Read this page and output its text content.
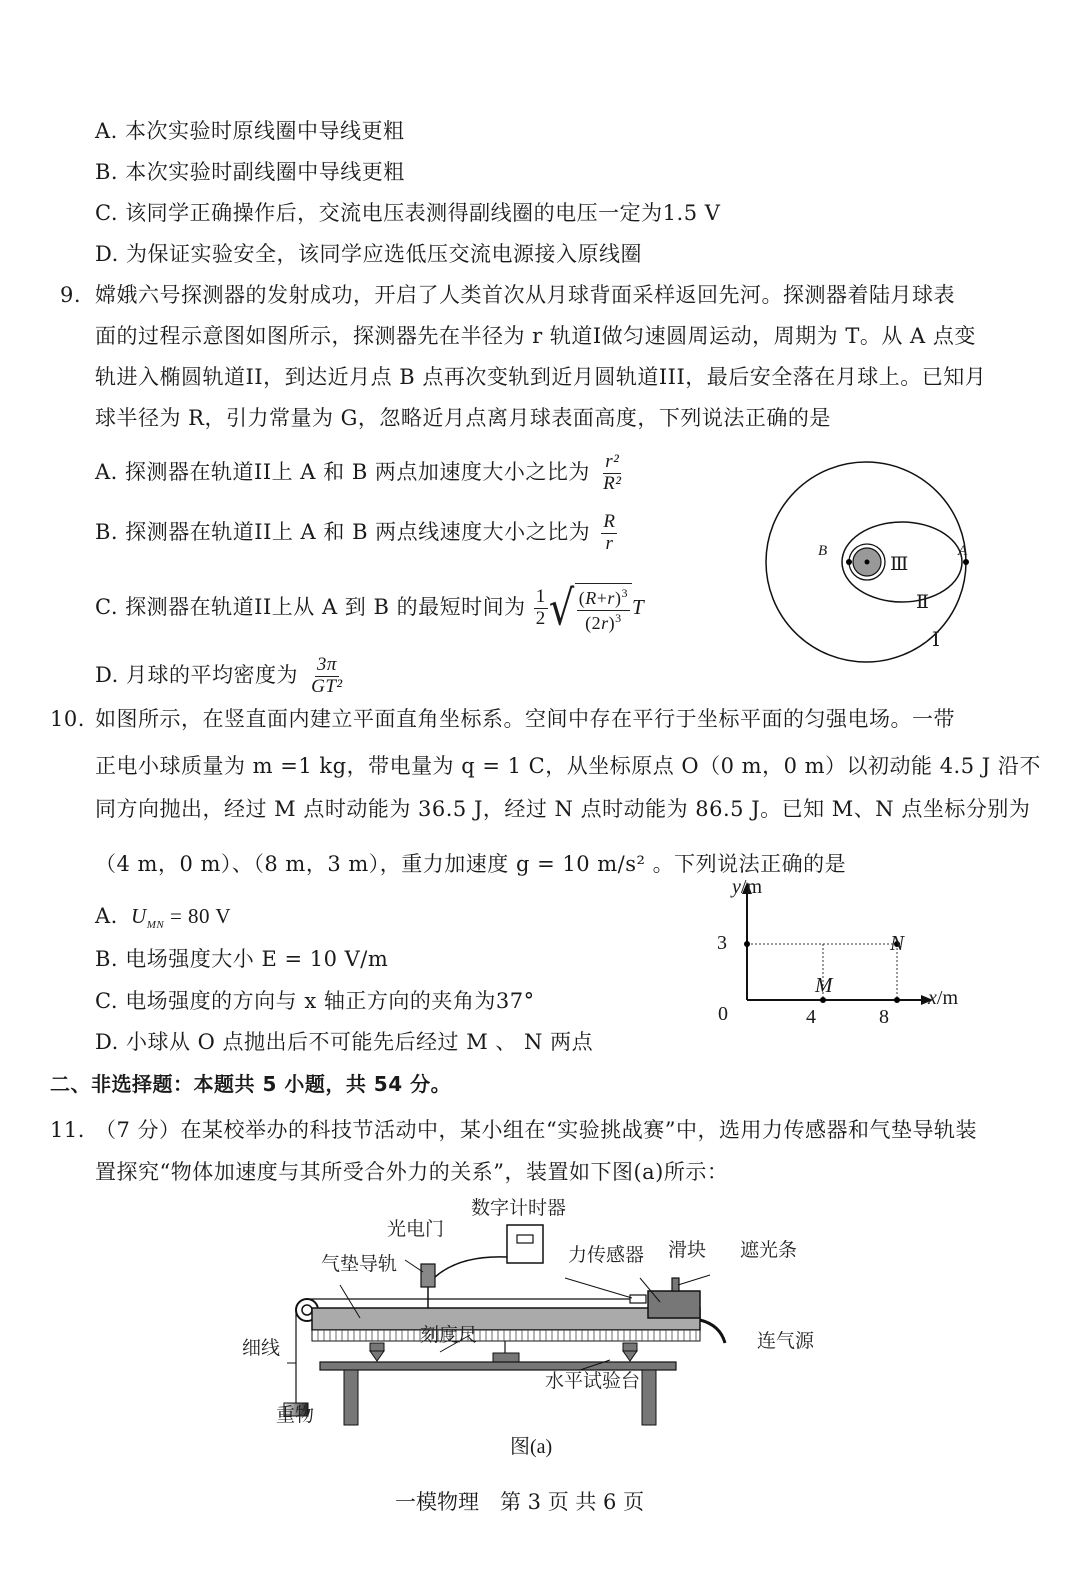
A. 本次实验时原线圈中导线更粗
B. 本次实验时副线圈中导线更粗
C. 该同学正确操作后，交流电压表测得副线圈的电压一定为1.5 V
D. 为保证实验安全，该同学应选低压交流电源接入原线圈
9. 嫦娥六号探测器的发射成功，开启了人类首次从月球背面采样返回先河。探测器着陆月球表
面的过程示意图如图所示，探测器先在半径为 r 轨道I做匀速圆周运动，周期为 T。从 A 点变
轨进入椭圆轨道II，到达近月点 B 点再次变轨到近月圆轨道III，最后安全落在月球上。已知月
球半径为 R，引力常量为 G，忽略近月点离月球表面高度，下列说法正确的是
A. 探测器在轨道II上 A 和 B 两点加速度大小之比为 $\frac{\text{r²}}{\text{R²}}$
B. 探测器在轨道II上 A 和 B 两点线速度大小之比为 $\frac{R}{r}$
C. 探测器在轨道II上从 A 到 B 的最短时间为 $\frac{1}{2}$ √ $(R+r)^3$
$(2r)^3$ T
D. 月球的平均密度为 $\frac{3\pi}{\text{GT²}}$
B	A
Ⅲ
Ⅱ
Ⅰ
10. 如图所示，在竖直面内建立平面直角坐标系。空间中存在平行于坐标平面的匀强电场。一带
正电小球质量为 m =1 kg，带电量为 q = 1 C，从坐标原点 O（0 m，0 m）以初动能 4.5 J 沿不
同方向抛出，经过 M 点时动能为 36.5 J，经过 N 点时动能为 86.5 J。已知 M、N 点坐标分别为
（4 m，0 m）、（8 m，3 m），重力加速度 g = 10 m/s² 。下列说法正确的是
A. $U_{MN} = 80$ V
B. 电场强度大小 E = 10 V/m
C. 电场强度的方向与 x 轴正方向的夹角为37°
D. 小球从 O 点抛出后不可能先后经过 M 、 N 两点
y/m
x/m
3
0	4	8
M
N
二、非选择题：本题共 5 小题，共 54 分。
11. （7 分）在某校举办的科技节活动中，某小组在“实验挑战赛”中，选用力传感器和气垫导轨装
置探究“物体加速度与其所受合外力的关系”，装置如下图(a)所示：
数字计时器
光电门
气垫导轨	力传感器 滑块 遮光条
刻度尺
细线	连气源
水平试验台
重物
图(a)
一模物理　第 3 页 共 6 页
